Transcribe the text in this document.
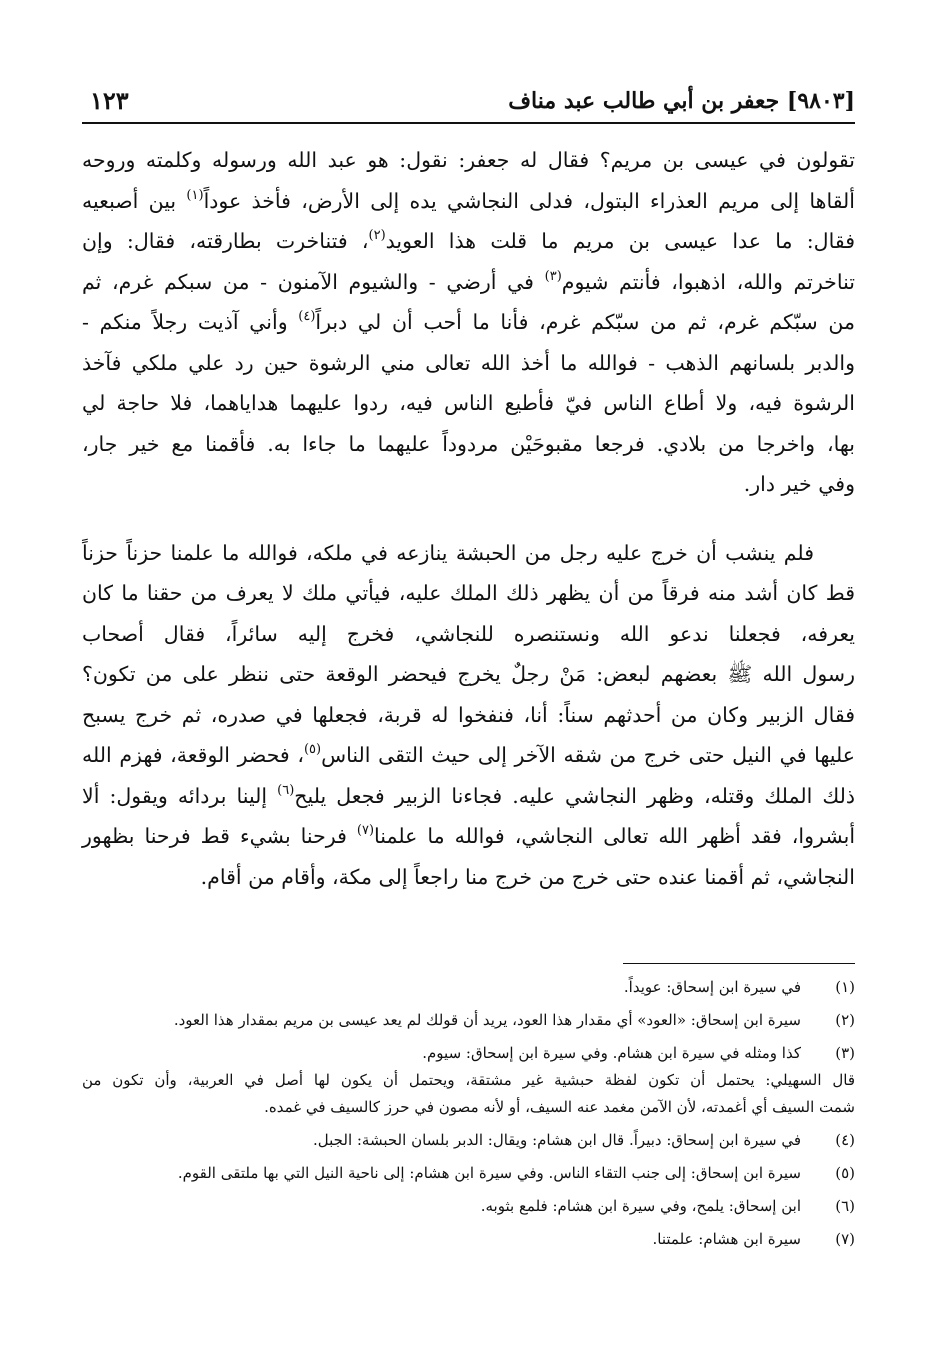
[٩٨٠٣] جعفر بن أبي طالب عبد مناف
١٢٣

تقولون في عيسى بن مريم؟ فقال له جعفر: نقول: هو عبد الله ورسوله وكلمته وروحه
ألقاها إلى مريم العذراء البتول، فدلى النجاشي يده إلى الأرض، فأخذ عوداً$^{(١)}$ بين أصبعيه
فقال: ما عدا عيسى بن مريم ما قلت هذا العويد$^{(٢)}$، فتناخرت بطارقته، فقال: وإن
تناخرتم والله، اذهبوا، فأنتم شيوم$^{(٣)}$ في أرضي - والشيوم الآمنون - من سبكم غرم، ثم
من سبّكم غرم، ثم من سبّكم غرم، فأنا ما أحب أن لي دبراً$^{(٤)}$ وأني آذيت رجلاً منكم -
والدبر بلسانهم الذهب - فوالله ما أخذ الله تعالى مني الرشوة حين رد علي ملكي فآخذ
الرشوة فيه، ولا أطاع الناس فيّ فأطيع الناس فيه، ردوا عليهما هداياهما، فلا حاجة لي
بها، واخرجا من بلادي. فرجعا مقبوحَيْن مردوداً عليهما ما جاءا به. فأقمنا مع خير جار،
وفي خير دار.

  فلم ينشب أن خرج عليه رجل من الحبشة ينازعه في ملكه، فوالله ما علمنا حزناً حزناً
قط كان أشد منه فرقاً من أن يظهر ذلك الملك عليه، فيأتي ملك لا يعرف من حقنا ما كان
يعرفه، فجعلنا ندعو الله ونستنصره للنجاشي، فخرج إليه سائراً، فقال أصحاب
رسول الله ﷺ بعضهم لبعض: مَنْ رجلٌ يخرج فيحضر الوقعة حتى ننظر على من تكون؟
فقال الزبير وكان من أحدثهم سناً: أنا، فنفخوا له قربة، فجعلها في صدره، ثم خرج يسبح
عليها في النيل حتى خرج من شقه الآخر إلى حيث التقى الناس$^{(٥)}$، فحضر الوقعة، فهزم الله
ذلك الملك وقتله، وظهر النجاشي عليه. فجاءنا الزبير فجعل يليح$^{(٦)}$ إلينا بردائه ويقول: ألا
أبشروا، فقد أظهر الله تعالى النجاشي، فوالله ما علمنا$^{(٧)}$ فرحنا بشيء قط فرحنا بظهور
النجاشي، ثم أقمنا عنده حتى خرج من خرج منا راجعاً إلى مكة، وأقام من أقام.

(١)
في سيرة ابن إسحاق: عويداً.
(٢)
سيرة ابن إسحاق: «العود» أي مقدار هذا العود، يريد أن قولك لم يعد عيسى بن مريم بمقدار هذا العود.
(٣)
كذا ومثله في سيرة ابن هشام. وفي سيرة ابن إسحاق: سيوم.
قال السهيلي: يحتمل أن تكون لفظة حبشية غير مشتقة، ويحتمل أن يكون لها أصل في العربية، وأن تكون من
شمت السيف أي أغمدته، لأن الآمن مغمد عنه السيف، أو لأنه مصون في حرز كالسيف في غمده.
(٤)
في سيرة ابن إسحاق: دبيراً. قال ابن هشام: ويقال: الدبر بلسان الحبشة: الجبل.
(٥)
سيرة ابن إسحاق: إلى جنب التقاء الناس. وفي سيرة ابن هشام: إلى ناحية النيل التي بها ملتقى القوم.
(٦)
ابن إسحاق: يلمح، وفي سيرة ابن هشام: فلمع بثوبه.
(٧)
سيرة ابن هشام: علمتنا.
